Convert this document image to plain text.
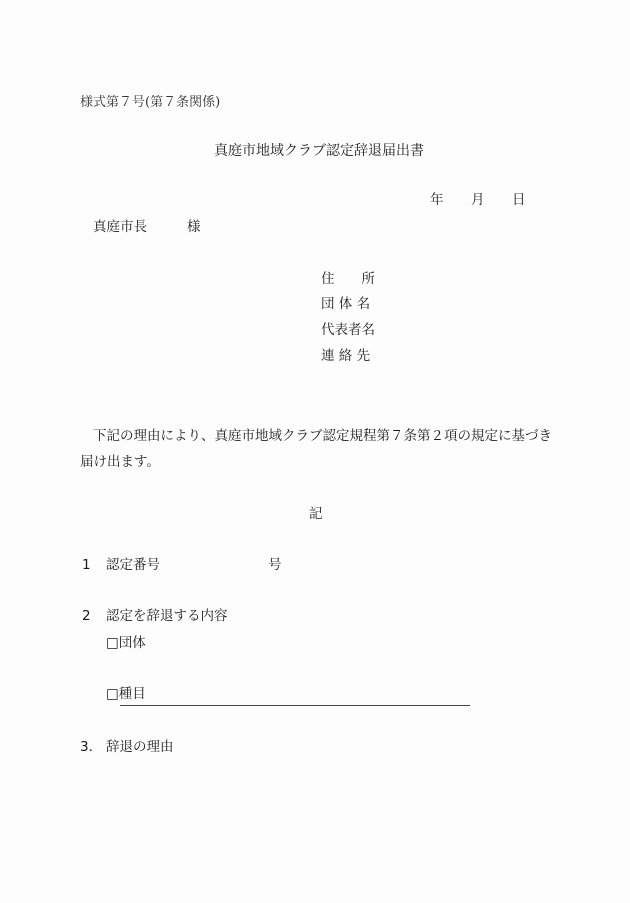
様式第７号(第７条関係)
真庭市地域クラブ認定辞退届出書
年 月 日
真庭市長	様
住　　所
団 体 名
代表者名
連 絡 先
下記の理由により、真庭市地域クラブ認定規程第７条第２項の規定に基づき
届け出ます。
記
1 認定番号	号
2 認定を辞退する内容
□団体
□種目
3． 辞退の理由
